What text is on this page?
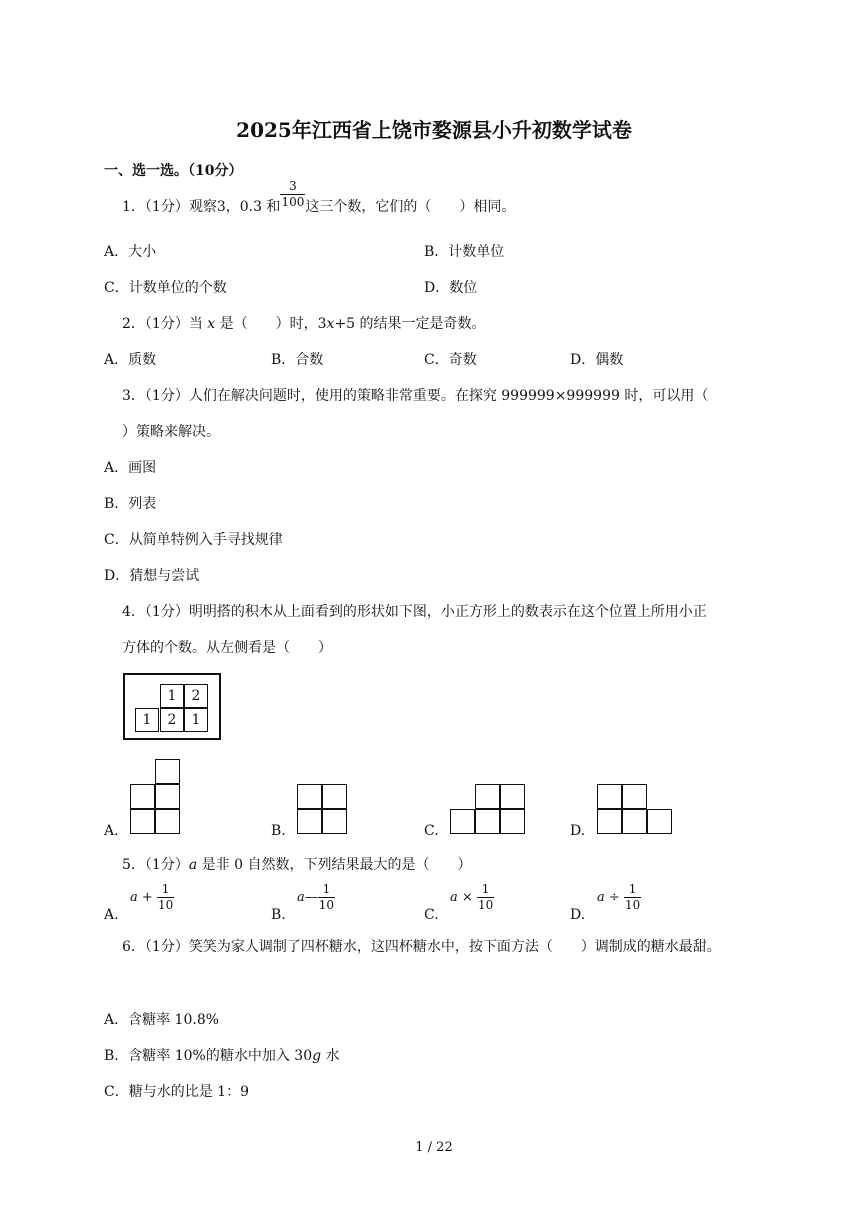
2025年江西省上饶市婺源县小升初数学试卷
一、选一选。（10分）
1．（1分）观察3，0.3 和 $\frac{3}{100}$ 这三个数，它们的（　　）相同。
A．大小	B．计数单位
C．计数单位的个数	D．数位
2．（1分）当 x 是（　　）时，3x+5 的结果一定是奇数。
A．质数	B．合数	C．奇数	D．偶数
3．（1分）人们在解决问题时，使用的策略非常重要。在探究 999999×999999 时，可以用（
）策略来解决。
A．画图
B．列表
C．从简单特例入手寻找规律
D．猜想与尝试
4．（1分）明明搭的积木从上面看到的形状如下图，小正方形上的数表示在这个位置上所用小正
方体的个数。从左侧看是（　　）
1	2
1	2	1
A.	B.	C.	D.
5．（1分）a 是非 0 自然数，下列结果最大的是（　　）
A.
$a + \frac{1}{10}$
B.
a— $\frac{1}{10}$
C.
$a \times \frac{1}{10}$
D.
$a \div \frac{1}{10}$
6．（1分）笑笑为家人调制了四杯糖水，这四杯糖水中，按下面方法（　　）调制成的糖水最甜。
A．含糖率 10.8%
B．含糖率 10%的糖水中加入 30g 水
C．糖与水的比是 1：9
1 / 22
